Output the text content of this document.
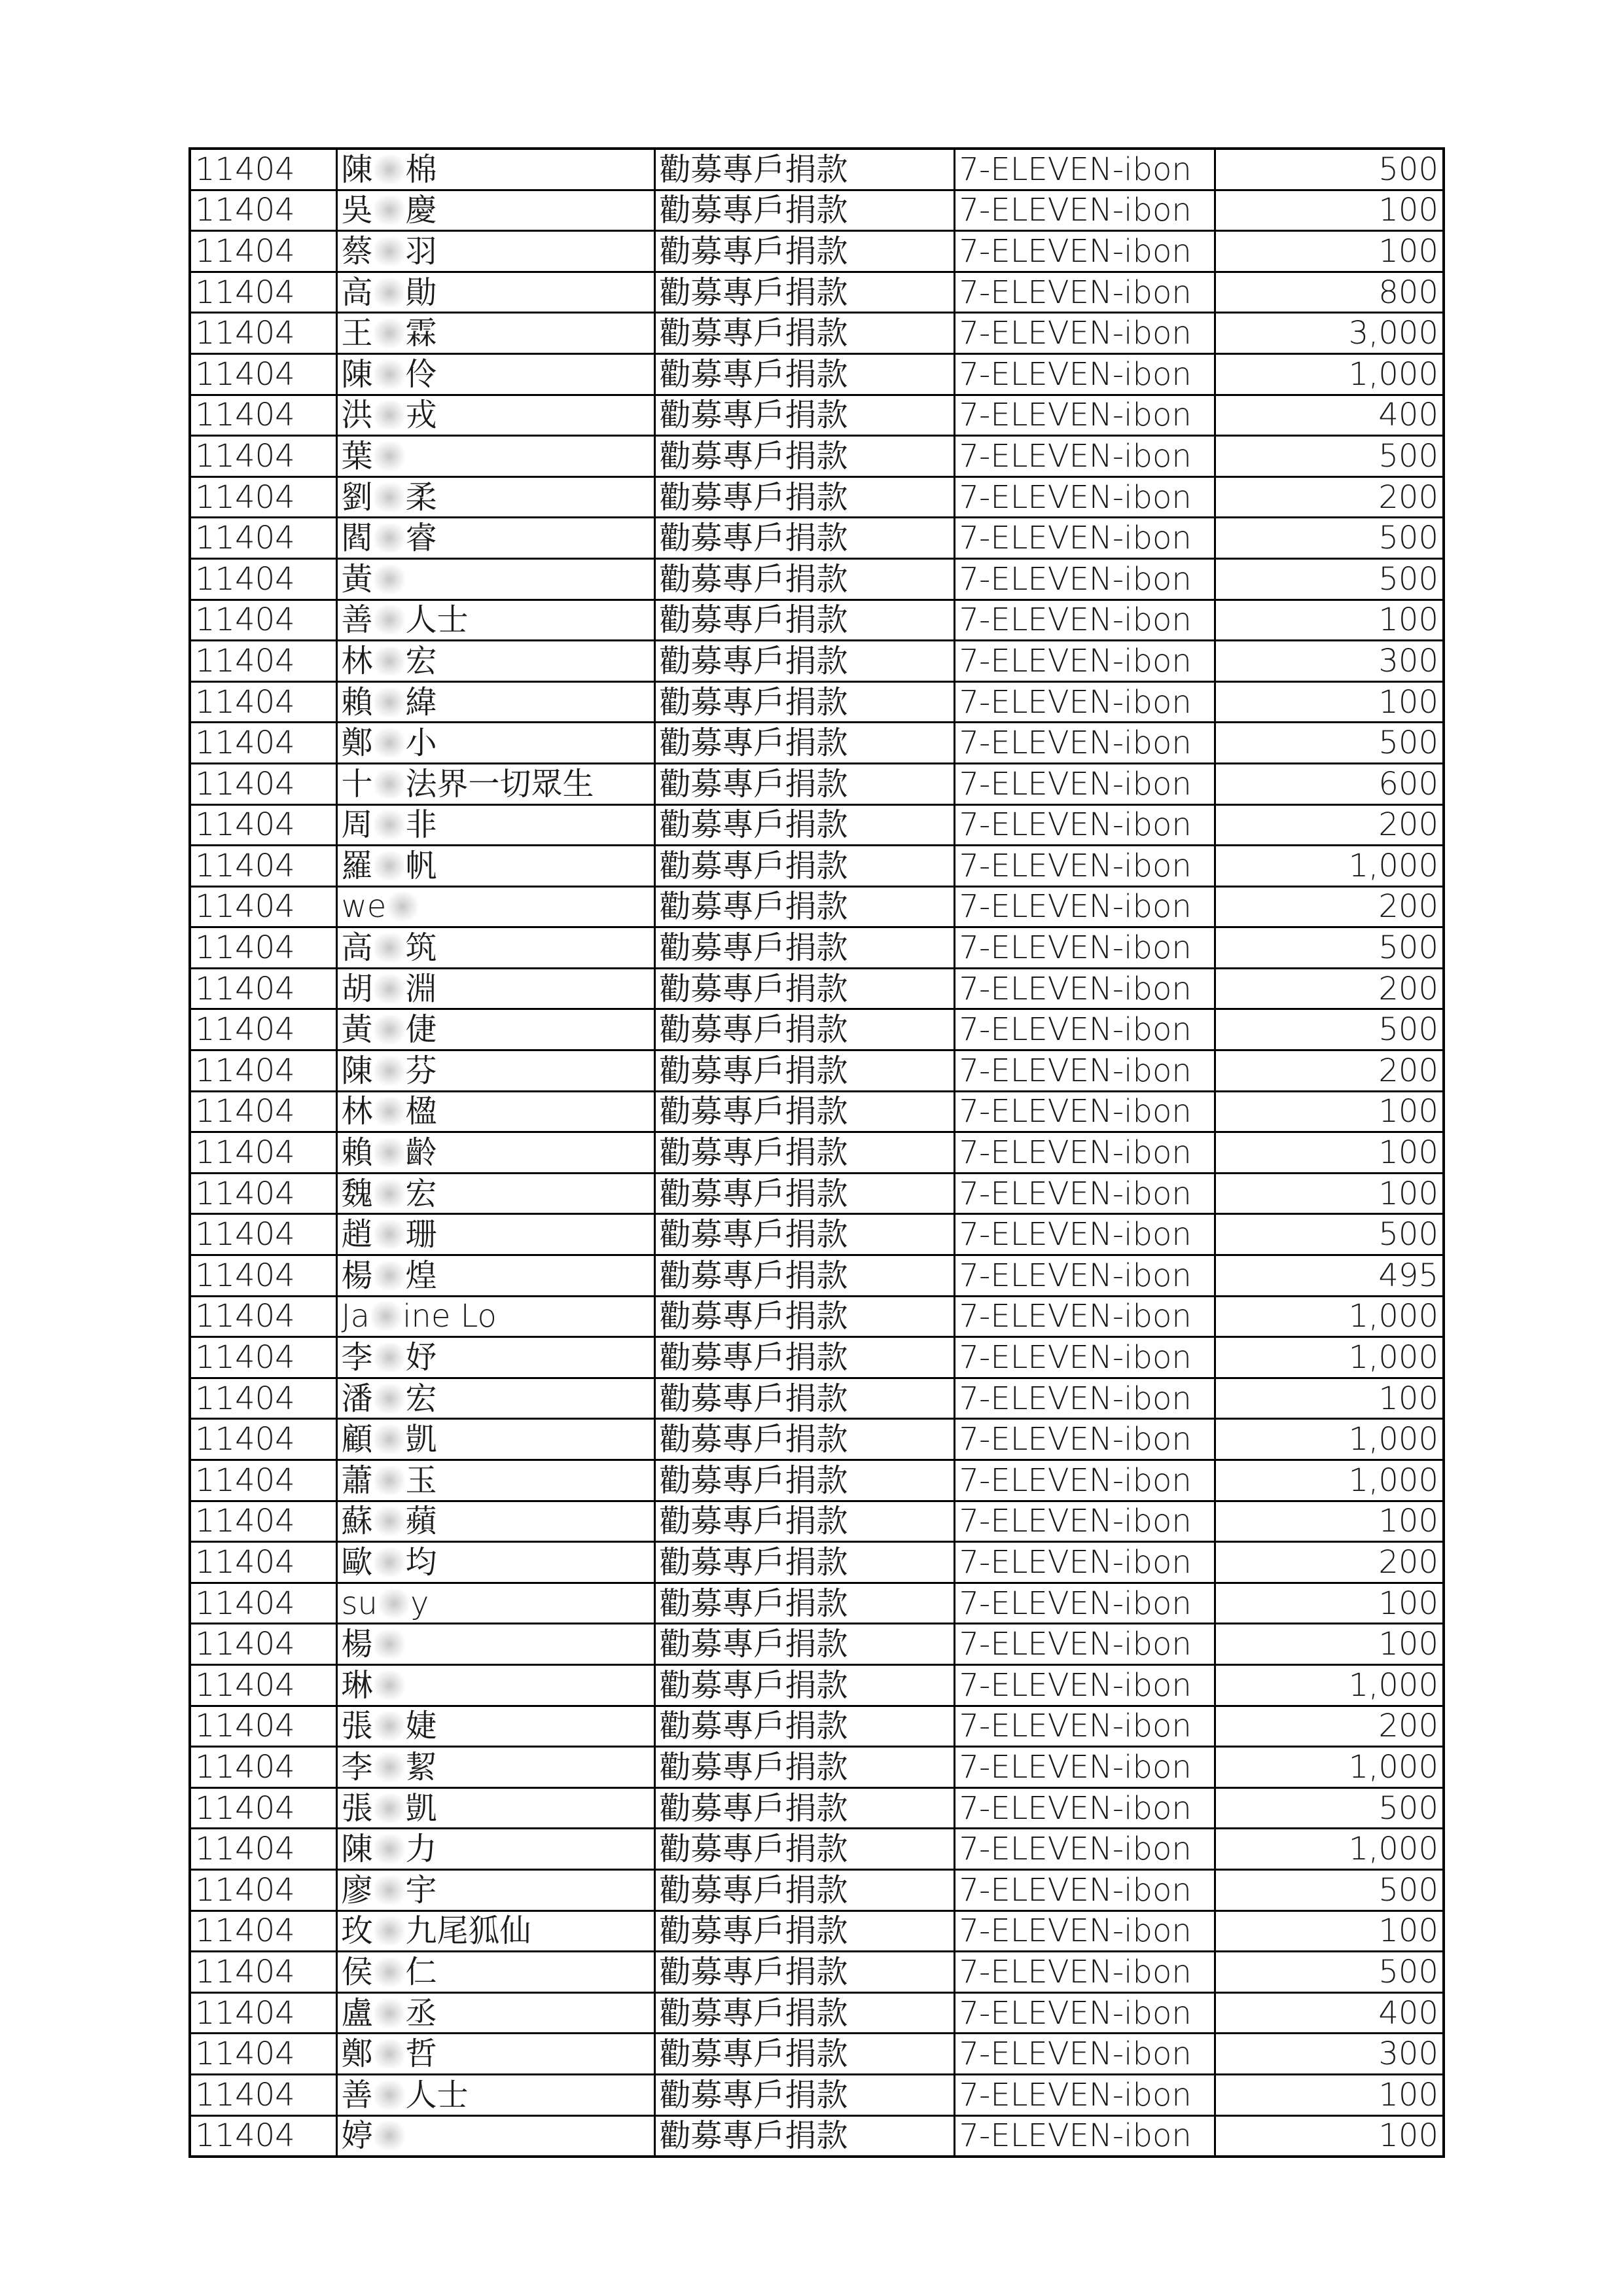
11404	陳 棉	勸募專戶捐款	7-ELEVEN-ibon	500
11404	吳 慶	勸募專戶捐款	7-ELEVEN-ibon	100
11404	蔡 羽	勸募專戶捐款	7-ELEVEN-ibon	100
11404	高 勛	勸募專戶捐款	7-ELEVEN-ibon	800
11404	王 霖	勸募專戶捐款	7-ELEVEN-ibon	3,000
11404	陳 伶	勸募專戶捐款	7-ELEVEN-ibon	1,000
11404	洪 戎	勸募專戶捐款	7-ELEVEN-ibon	400
11404	葉	勸募專戶捐款	7-ELEVEN-ibon	500
11404	劉 柔	勸募專戶捐款	7-ELEVEN-ibon	200
11404	閻 睿	勸募專戶捐款	7-ELEVEN-ibon	500
11404	黃	勸募專戶捐款	7-ELEVEN-ibon	500
11404	善 人士	勸募專戶捐款	7-ELEVEN-ibon	100
11404	林 宏	勸募專戶捐款	7-ELEVEN-ibon	300
11404	賴 緯	勸募專戶捐款	7-ELEVEN-ibon	100
11404	鄭 小	勸募專戶捐款	7-ELEVEN-ibon	500
11404	十 法界一切眾生	勸募專戶捐款	7-ELEVEN-ibon	600
11404	周 非	勸募專戶捐款	7-ELEVEN-ibon	200
11404	羅 帆	勸募專戶捐款	7-ELEVEN-ibon	1,000
11404	we	勸募專戶捐款	7-ELEVEN-ibon	200
11404	高 筑	勸募專戶捐款	7-ELEVEN-ibon	500
11404	胡 淵	勸募專戶捐款	7-ELEVEN-ibon	200
11404	黃 倢	勸募專戶捐款	7-ELEVEN-ibon	500
11404	陳 芬	勸募專戶捐款	7-ELEVEN-ibon	200
11404	林 楹	勸募專戶捐款	7-ELEVEN-ibon	100
11404	賴 齡	勸募專戶捐款	7-ELEVEN-ibon	100
11404	魏 宏	勸募專戶捐款	7-ELEVEN-ibon	100
11404	趙 珊	勸募專戶捐款	7-ELEVEN-ibon	500
11404	楊 煌	勸募專戶捐款	7-ELEVEN-ibon	495
11404	Ja ine Lo	勸募專戶捐款	7-ELEVEN-ibon	1,000
11404	李 妤	勸募專戶捐款	7-ELEVEN-ibon	1,000
11404	潘 宏	勸募專戶捐款	7-ELEVEN-ibon	100
11404	顧 凱	勸募專戶捐款	7-ELEVEN-ibon	1,000
11404	蕭 玉	勸募專戶捐款	7-ELEVEN-ibon	1,000
11404	蘇 蘋	勸募專戶捐款	7-ELEVEN-ibon	100
11404	歐 均	勸募專戶捐款	7-ELEVEN-ibon	200
11404	su y	勸募專戶捐款	7-ELEVEN-ibon	100
11404	楊	勸募專戶捐款	7-ELEVEN-ibon	100
11404	琳	勸募專戶捐款	7-ELEVEN-ibon	1,000
11404	張 婕	勸募專戶捐款	7-ELEVEN-ibon	200
11404	李 絜	勸募專戶捐款	7-ELEVEN-ibon	1,000
11404	張 凱	勸募專戶捐款	7-ELEVEN-ibon	500
11404	陳 力	勸募專戶捐款	7-ELEVEN-ibon	1,000
11404	廖 宇	勸募專戶捐款	7-ELEVEN-ibon	500
11404	玫 九尾狐仙	勸募專戶捐款	7-ELEVEN-ibon	100
11404	侯 仁	勸募專戶捐款	7-ELEVEN-ibon	500
11404	盧 丞	勸募專戶捐款	7-ELEVEN-ibon	400
11404	鄭 哲	勸募專戶捐款	7-ELEVEN-ibon	300
11404	善 人士	勸募專戶捐款	7-ELEVEN-ibon	100
11404	婷	勸募專戶捐款	7-ELEVEN-ibon	100
